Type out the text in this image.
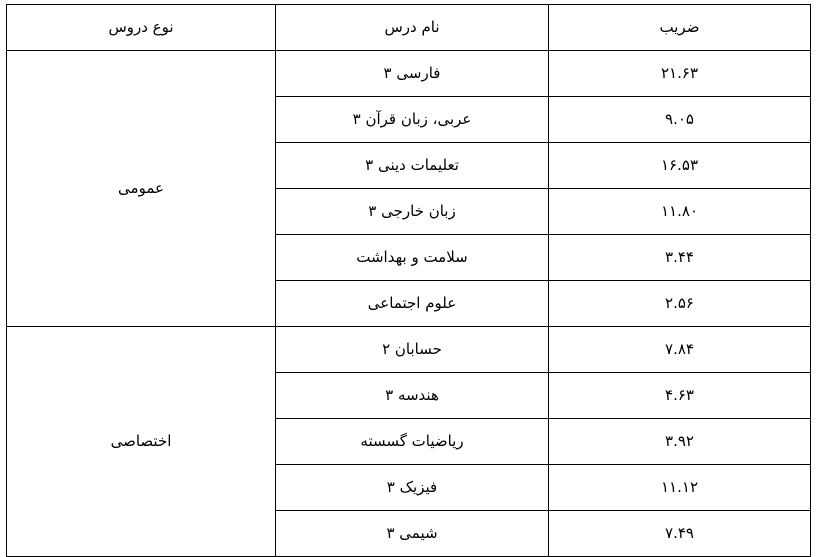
ضریب	نام درس	نوع دروس
۲۱.۶۳	فارسی ۳	عمومی
۹.۰۵	عربی، زبان قرآن ۳	
۱۶.۵۳	تعلیمات دینی ۳	
۱۱.۸۰	زبان خارجی ۳	
۳.۴۴	سلامت و بهداشت	
۲.۵۶	علوم اجتماعی	
۷.۸۴	حسابان ۲	اختصاصی
۴.۶۳	هندسه ۳	
۳.۹۲	ریاضیات گسسته	
۱۱.۱۲	فیزیک ۳	
۷.۴۹	شیمی ۳	
